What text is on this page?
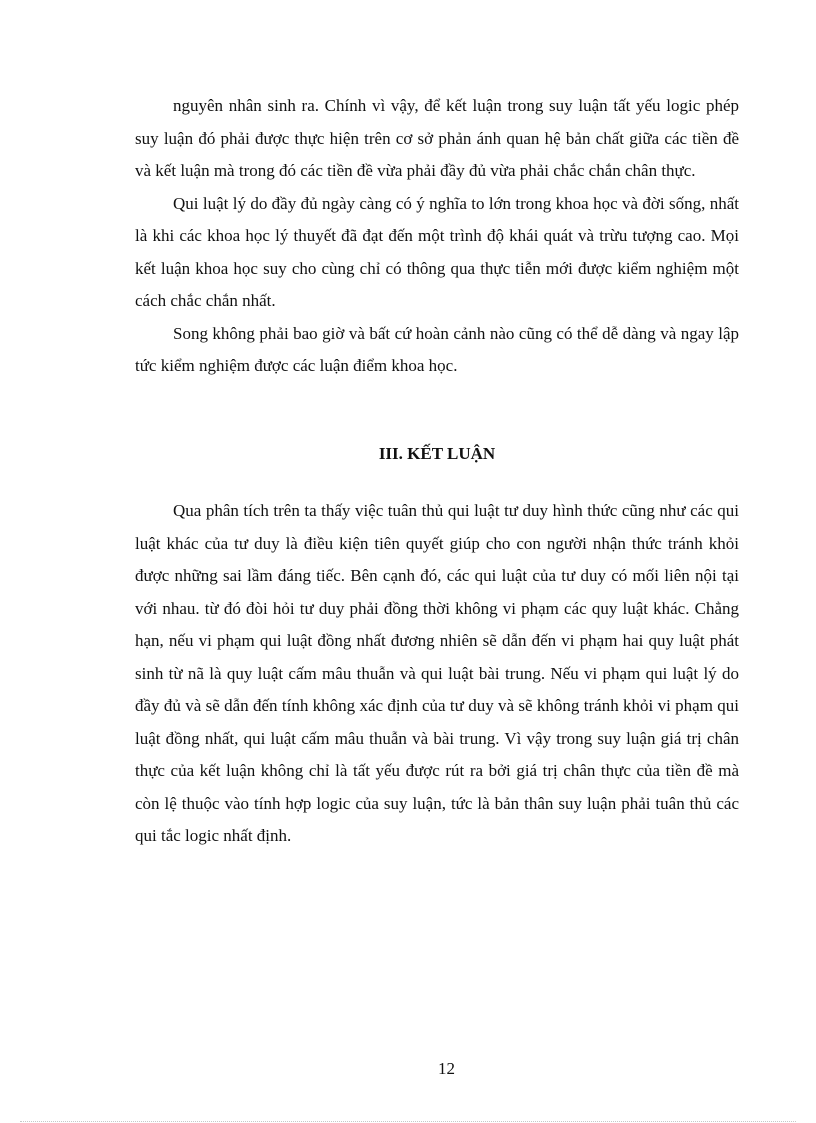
nguyên nhân sinh ra. Chính vì vậy, để kết luận trong suy luận tất yếu logic phép suy luận đó phải được thực hiện trên cơ sở phản ánh quan hệ bản chất giữa các tiền đề và kết luận mà trong đó các tiền đề vừa phải đầy đủ vừa phải chắc chắn chân thực.

Qui luật lý do đầy đủ ngày càng có ý nghĩa to lớn trong khoa học và đời sống, nhất là khi các khoa học lý thuyết đã đạt đến một trình độ khái quát và trừu tượng cao. Mọi kết luận khoa học suy cho cùng chỉ có thông qua thực tiễn mới được kiểm nghiệm một cách chắc chắn nhất.

Song không phải bao giờ và bất cứ hoàn cảnh nào cũng có thể dễ dàng và ngay lập tức kiểm nghiệm được các luận điểm khoa học.

III. KẾT LUẬN

Qua phân tích trên ta thấy việc tuân thủ qui luật tư duy hình thức cũng như các qui luật khác của tư duy là điều kiện tiên quyết giúp cho con người nhận thức tránh khỏi được những sai lầm đáng tiếc. Bên cạnh đó, các qui luật của tư duy có mối liên nội tại với nhau. từ đó đòi hỏi tư duy phải đồng thời không vi phạm các quy luật khác. Chẳng hạn, nếu vi phạm qui luật đồng nhất đương nhiên sẽ dẫn đến vi phạm hai quy luật phát sinh từ nã là quy luật cấm mâu thuẫn và qui luật bài trung. Nếu vi phạm qui luật lý do đầy đủ và sẽ dẫn đến tính không xác định của tư duy và sẽ không tránh khỏi vi phạm qui luật đồng nhất, qui luật cấm mâu thuẫn và bài trung. Vì vậy trong suy luận giá trị chân thực của kết luận không chỉ là tất yếu được rút ra bởi giá trị chân thực của tiền đề mà còn lệ thuộc vào tính hợp logic của suy luận, tức là bản thân suy luận phải tuân thủ các qui tắc logic nhất định.

12
